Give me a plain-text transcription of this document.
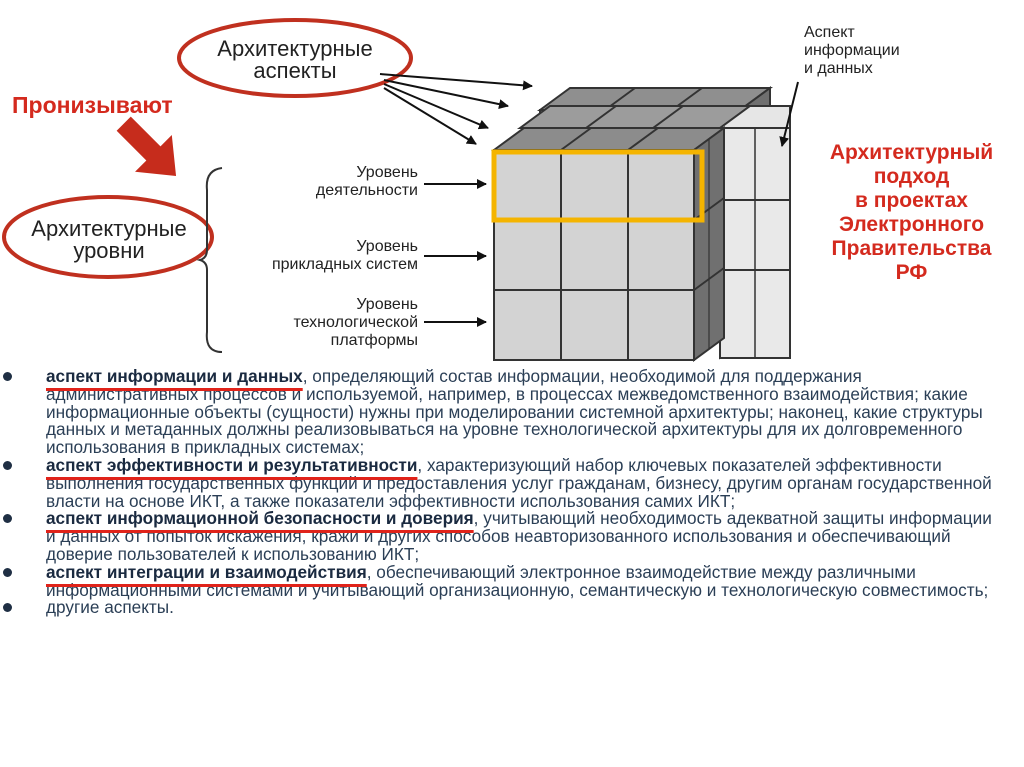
Архитектурные
аспекты
Архитектурные
уровни
Пронизывают
Аспект
информации
и данных
Уровень
деятельности
Уровень
прикладных систем
Уровень
технологической
платформы
Архитектурный
подход
в проектах
Электронного
Правительства
РФ
аспект информации и данных, определяющий состав информации, необходимой для поддержания административных процессов и используемой, например, в процессах межведомственного взаимодействия; какие информационные объекты (сущности) нужны при моделировании системной архитектуры; наконец, какие структуры данных и метаданных должны реализовываться на уровне технологической архитектуры для их долговременного использования в прикладных системах;
аспект эффективности и результативности, характеризующий набор ключевых показателей эффективности выполнения государственных функций и предоставления услуг гражданам, бизнесу, другим органам государственной власти на основе ИКТ, а также показатели эффективности использования самих ИКТ;
аспект информационной безопасности и доверия, учитывающий необходимость адекватной защиты информации и данных от попыток искажения, кражи и других способов неавторизованного использования и обеспечивающий доверие пользователей к использованию ИКТ;
аспект интеграции и взаимодействия, обеспечивающий электронное взаимодействие между различными информационными системами и учитывающий организационную, семантическую и технологическую совместимость;
другие аспекты.
